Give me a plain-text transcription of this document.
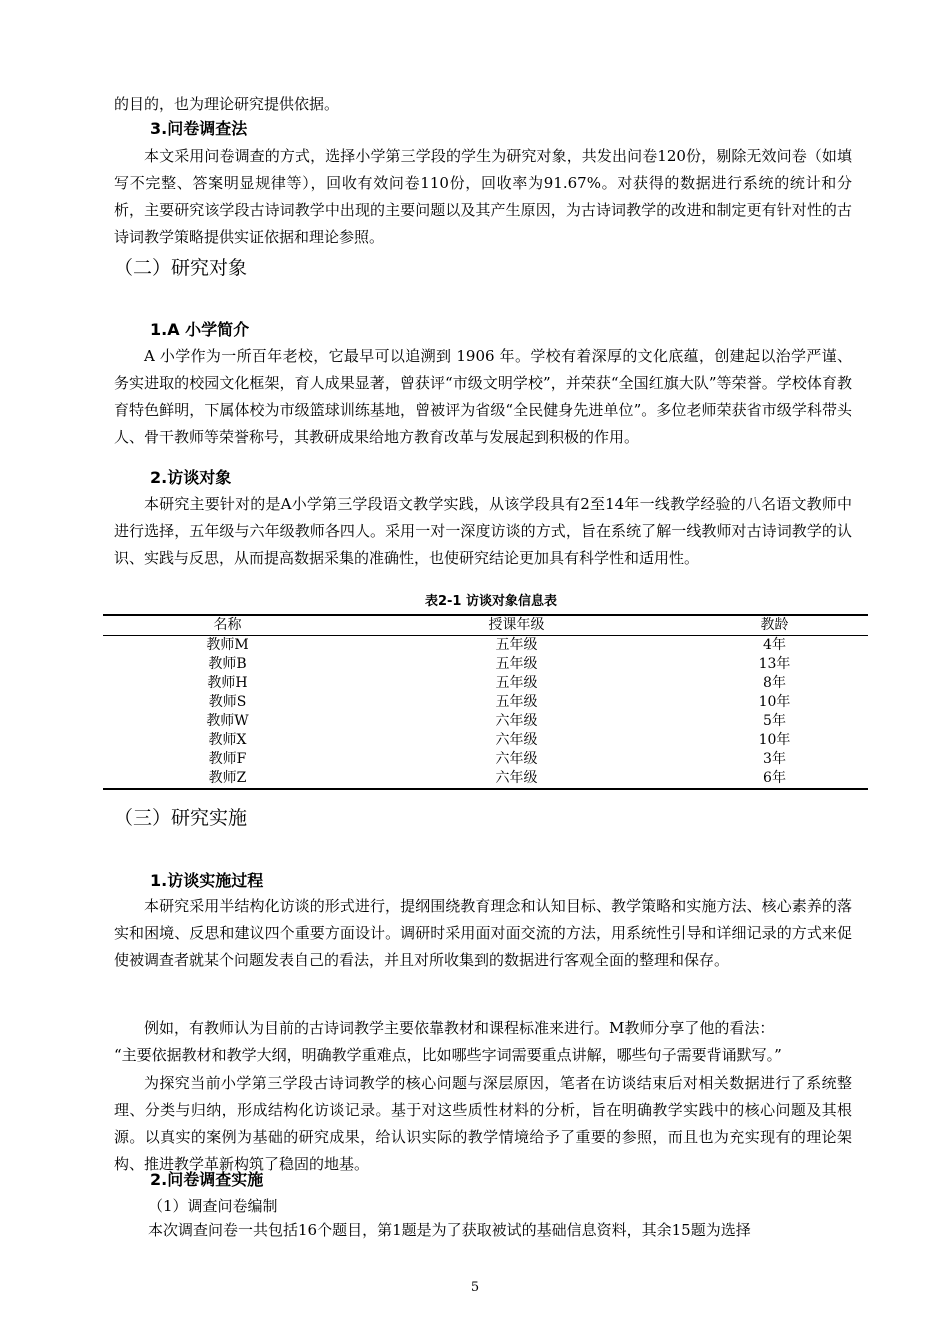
的目的，也为理论研究提供依据。
3.问卷调查法
本文采用问卷调查的方式，选择小学第三学段的学生为研究对象，共发出问卷120份，剔除无效问卷（如填写不完整、答案明显规律等），回收有效问卷110份，回收率为91.67%。对获得的数据进行系统的统计和分析，主要研究该学段古诗词教学中出现的主要问题以及其产生原因，为古诗词教学的改进和制定更有针对性的古诗词教学策略提供实证依据和理论参照。
（二）研究对象
1.A 小学简介
A 小学作为一所百年老校，它最早可以追溯到 1906 年。学校有着深厚的文化底蕴，创建起以治学严谨、务实进取的校园文化框架，育人成果显著，曾获评“市级文明学校”，并荣获“全国红旗大队”等荣誉。学校体育教育特色鲜明，下属体校为市级篮球训练基地，曾被评为省级“全民健身先进单位”。多位老师荣获省市级学科带头人、骨干教师等荣誉称号，其教研成果给地方教育改革与发展起到积极的作用。
2.访谈对象
本研究主要针对的是A小学第三学段语文教学实践，从该学段具有2至14年一线教学经验的八名语文教师中进行选择，五年级与六年级教师各四人。采用一对一深度访谈的方式，旨在系统了解一线教师对古诗词教学的认识、实践与反思，从而提高数据采集的准确性，也使研究结论更加具有科学性和适用性。
表2-1 访谈对象信息表
名称	授课年级	教龄
教师M	五年级	4年
教师B	五年级	13年
教师H	五年级	8年
教师S	五年级	10年
教师W	六年级	5年
教师X	六年级	10年
教师F	六年级	3年
教师Z	六年级	6年
（三）研究实施
1.访谈实施过程
本研究采用半结构化访谈的形式进行，提纲围绕教育理念和认知目标、教学策略和实施方法、核心素养的落实和困境、反思和建议四个重要方面设计。调研时采用面对面交流的方法，用系统性引导和详细记录的方式来促使被调查者就某个问题发表自己的看法，并且对所收集到的数据进行客观全面的整理和保存。
例如，有教师认为目前的古诗词教学主要依靠教材和课程标准来进行。M教师分享了他的看法：
“主要依据教材和教学大纲，明确教学重难点，比如哪些字词需要重点讲解，哪些句子需要背诵默写。”
为探究当前小学第三学段古诗词教学的核心问题与深层原因，笔者在访谈结束后对相关数据进行了系统整理、分类与归纳，形成结构化访谈记录。基于对这些质性材料的分析，旨在明确教学实践中的核心问题及其根源。以真实的案例为基础的研究成果，给认识实际的教学情境给予了重要的参照，而且也为充实现有的理论架构、推进教学革新构筑了稳固的地基。
2.问卷调查实施
（1）调查问卷编制
本次调查问卷一共包括16个题目，第1题是为了获取被试的基础信息资料，其余15题为选择
5
